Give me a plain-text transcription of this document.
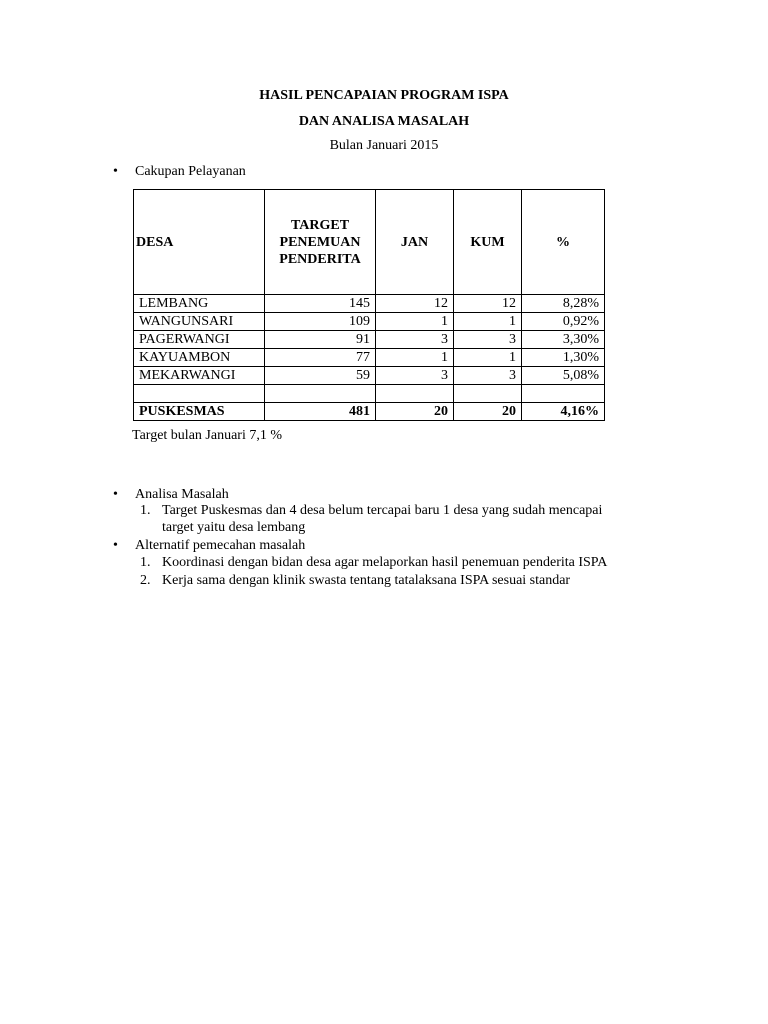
HASIL PENCAPAIAN PROGRAM ISPA
DAN ANALISA MASALAH
Bulan Januari 2015
• Cakupan Pelayanan
DESA	TARGET PENEMUAN PENDERITA	JAN	KUM	%
LEMBANG	145	12	12	8,28%
WANGUNSARI	109	1	1	0,92%
PAGERWANGI	91	3	3	3,30%
KAYUAMBON	77	1	1	1,30%
MEKARWANGI	59	3	3	5,08%

PUSKESMAS	481	20	20	4,16%
Target bulan Januari 7,1 %
• Analisa Masalah
1. Target Puskesmas dan 4 desa belum tercapai baru 1 desa yang sudah mencapai
target yaitu desa lembang
• Alternatif pemecahan masalah
1. Koordinasi dengan bidan desa agar melaporkan hasil penemuan penderita ISPA
2. Kerja sama dengan klinik swasta tentang tatalaksana ISPA sesuai standar
